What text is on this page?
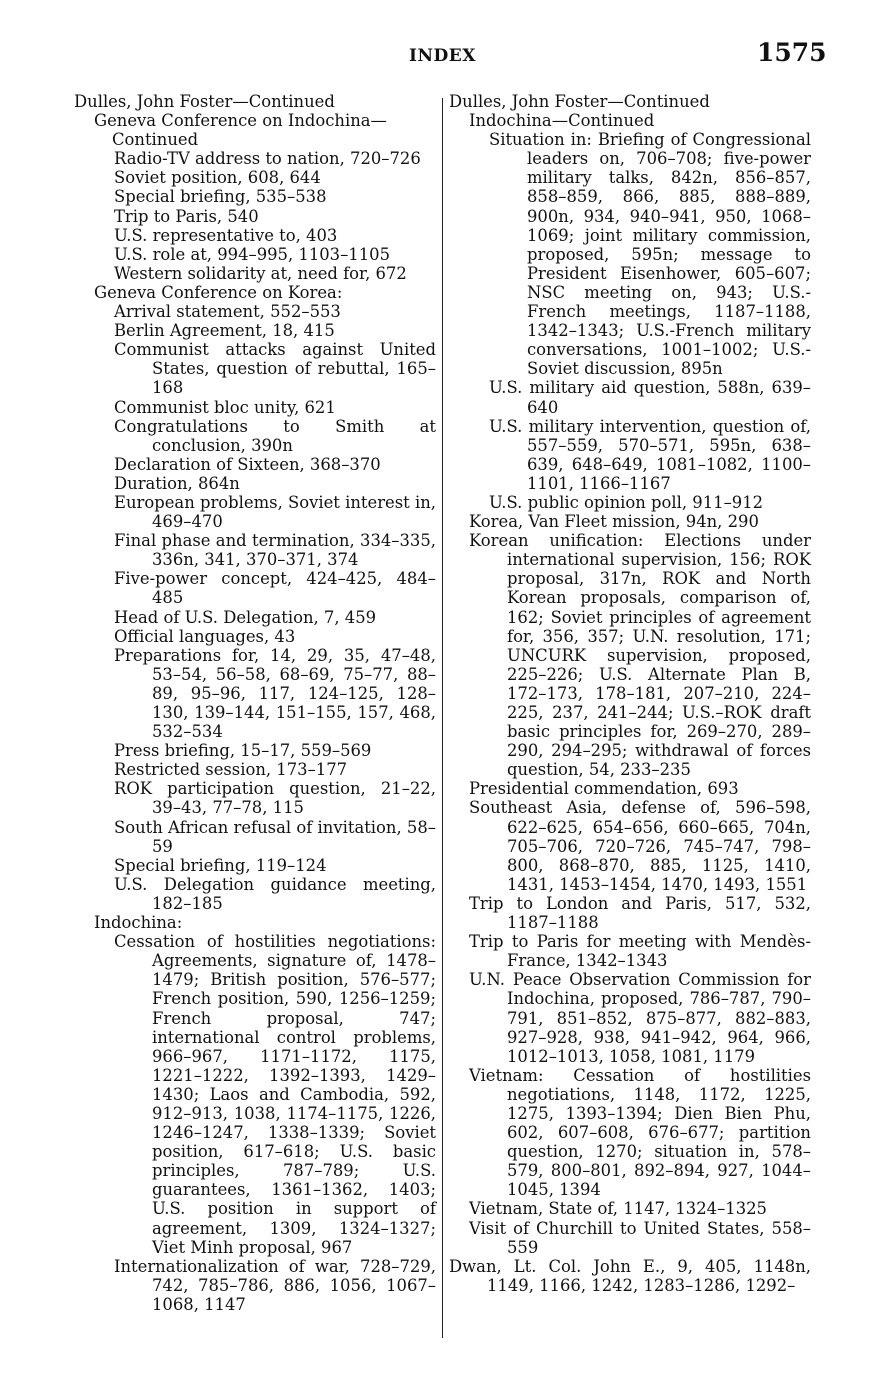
INDEX	1575
Dulles, John Foster—Continued
Geneva Conference on Indochina—
Continued
Radio-TV address to nation, 720–726
Soviet position, 608, 644
Special briefing, 535–538
Trip to Paris, 540
U.S. representative to, 403
U.S. role at, 994–995, 1103–1105
Western solidarity at, need for, 672
Geneva Conference on Korea:
Arrival statement, 552–553
Berlin Agreement, 18, 415
Communist attacks against United States, question of rebuttal, 165–168
Communist bloc unity, 621
Congratulations to Smith at conclusion, 390n
Declaration of Sixteen, 368–370
Duration, 864n
European problems, Soviet interest in, 469–470
Final phase and termination, 334–335, 336n, 341, 370–371, 374
Five-power concept, 424–425, 484–485
Head of U.S. Delegation, 7, 459
Official languages, 43
Preparations for, 14, 29, 35, 47–48, 53–54, 56–58, 68–69, 75–77, 88–89, 95–96, 117, 124–125, 128–130, 139–144, 151–155, 157, 468, 532–534
Press briefing, 15–17, 559–569
Restricted session, 173–177
ROK participation question, 21–22, 39–43, 77–78, 115
South African refusal of invitation, 58–59
Special briefing, 119–124
U.S. Delegation guidance meeting, 182–185
Indochina:
Cessation of hostilities negotiations: Agreements, signature of, 1478–1479; British position, 576–577; French position, 590, 1256–1259; French proposal, 747; international control problems, 966–967, 1171–1172, 1175, 1221–1222, 1392–1393, 1429–1430; Laos and Cambodia, 592, 912–913, 1038, 1174–1175, 1226, 1246–1247, 1338–1339; Soviet position, 617–618; U.S. basic principles, 787–789; U.S. guarantees, 1361–1362, 1403; U.S. position in support of agreement, 1309, 1324–1327; Viet Minh proposal, 967
Internationalization of war, 728–729, 742, 785–786, 886, 1056, 1067–1068, 1147
Dulles, John Foster—Continued
Indochina—Continued
Situation in: Briefing of Congressional leaders on, 706–708; five-power military talks, 842n, 856–857, 858–859, 866, 885, 888–889, 900n, 934, 940–941, 950, 1068–1069; joint military commission, proposed, 595n; message to President Eisenhower, 605–607; NSC meeting on, 943; U.S.-French meetings, 1187–1188, 1342–1343; U.S.-French military conversations, 1001–1002; U.S.-Soviet discussion, 895n
U.S. military aid question, 588n, 639–640
U.S. military intervention, question of, 557–559, 570–571, 595n, 638–639, 648–649, 1081–1082, 1100–1101, 1166–1167
U.S. public opinion poll, 911–912
Korea, Van Fleet mission, 94n, 290
Korean unification: Elections under international supervision, 156; ROK proposal, 317n, ROK and North Korean proposals, comparison of, 162; Soviet principles of agreement for, 356, 357; U.N. resolution, 171; UNCURK supervision, proposed, 225–226; U.S. Alternate Plan B, 172–173, 178–181, 207–210, 224–225, 237, 241–244; U.S.–ROK draft basic principles for, 269–270, 289–290, 294–295; withdrawal of forces question, 54, 233–235
Presidential commendation, 693
Southeast Asia, defense of, 596–598, 622–625, 654–656, 660–665, 704n, 705–706, 720–726, 745–747, 798–800, 868–870, 885, 1125, 1410, 1431, 1453–1454, 1470, 1493, 1551
Trip to London and Paris, 517, 532, 1187–1188
Trip to Paris for meeting with Mendès-France, 1342–1343
U.N. Peace Observation Commission for Indochina, proposed, 786–787, 790–791, 851–852, 875–877, 882–883, 927–928, 938, 941–942, 964, 966, 1012–1013, 1058, 1081, 1179
Vietnam: Cessation of hostilities negotiations, 1148, 1172, 1225, 1275, 1393–1394; Dien Bien Phu, 602, 607–608, 676–677; partition question, 1270; situation in, 578–579, 800–801, 892–894, 927, 1044–1045, 1394
Vietnam, State of, 1147, 1324–1325
Visit of Churchill to United States, 558–559
Dwan, Lt. Col. John E., 9, 405, 1148n, 1149, 1166, 1242, 1283–1286, 1292–
